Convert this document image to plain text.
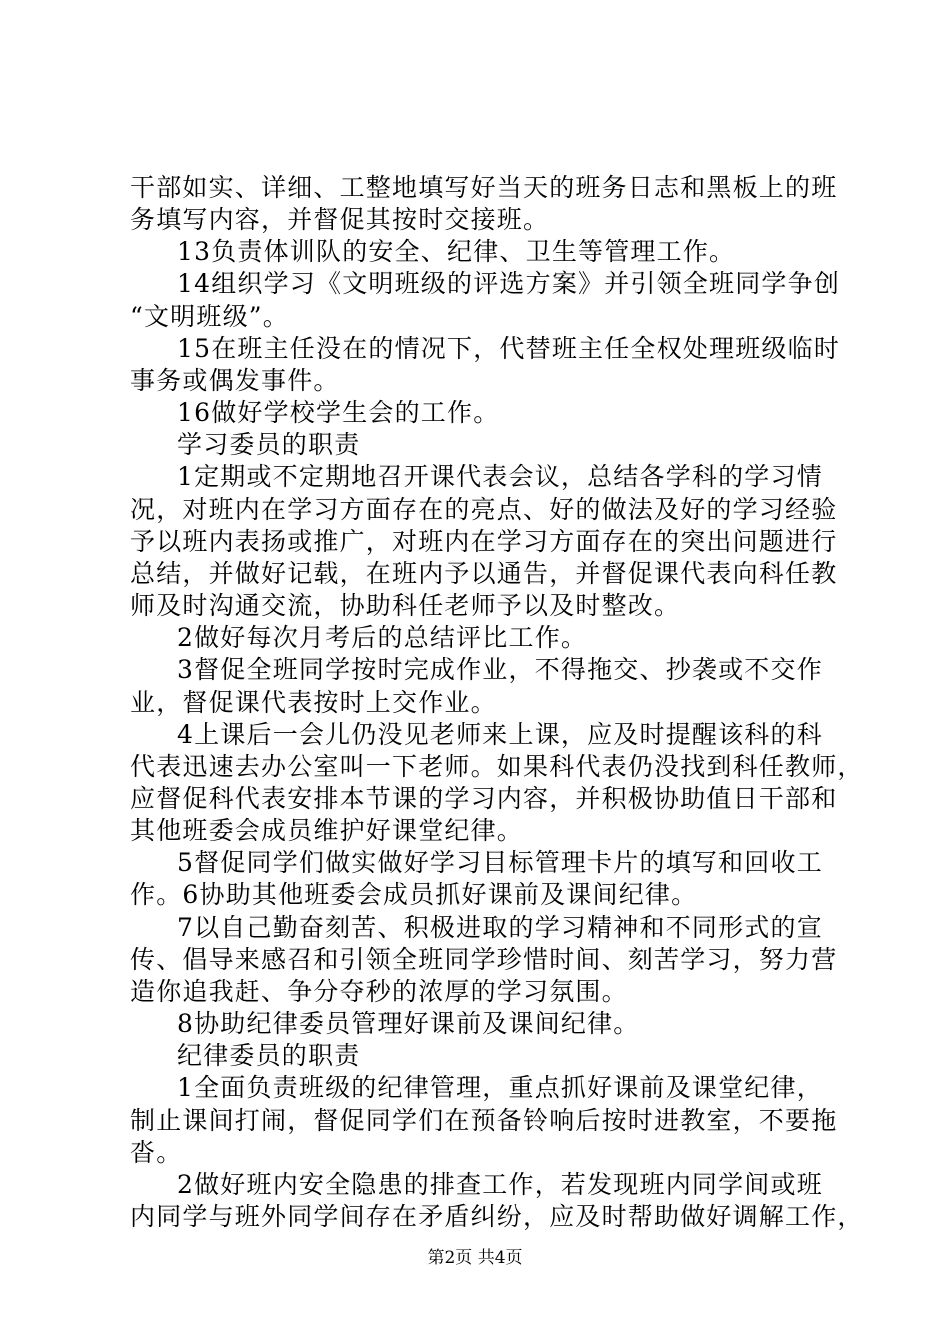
干部如实、详细、工整地填写好当天的班务日志和黑板上的班
务填写内容，并督促其按时交接班。
13负责体训队的安全、纪律、卫生等管理工作。
14组织学习《文明班级的评选方案》并引领全班同学争创
“文明班级”。
15在班主任没在的情况下，代替班主任全权处理班级临时
事务或偶发事件。
16做好学校学生会的工作。
学习委员的职责
1定期或不定期地召开课代表会议，总结各学科的学习情
况，对班内在学习方面存在的亮点、好的做法及好的学习经验
予以班内表扬或推广，对班内在学习方面存在的突出问题进行
总结，并做好记载，在班内予以通告，并督促课代表向科任教
师及时沟通交流，协助科任老师予以及时整改。
2做好每次月考后的总结评比工作。
3督促全班同学按时完成作业，不得拖交、抄袭或不交作
业，督促课代表按时上交作业。
4上课后一会儿仍没见老师来上课，应及时提醒该科的科
代表迅速去办公室叫一下老师。如果科代表仍没找到科任教师，
应督促科代表安排本节课的学习内容，并积极协助值日干部和
其他班委会成员维护好课堂纪律。
5督促同学们做实做好学习目标管理卡片的填写和回收工
作。6协助其他班委会成员抓好课前及课间纪律。
7以自己勤奋刻苦、积极进取的学习精神和不同形式的宣
传、倡导来感召和引领全班同学珍惜时间、刻苦学习，努力营
造你追我赶、争分夺秒的浓厚的学习氛围。
8协助纪律委员管理好课前及课间纪律。
纪律委员的职责
1全面负责班级的纪律管理，重点抓好课前及课堂纪律，
制止课间打闹，督促同学们在预备铃响后按时进教室，不要拖
沓。
2做好班内安全隐患的排查工作，若发现班内同学间或班
内同学与班外同学间存在矛盾纠纷，应及时帮助做好调解工作，
第2页 共4页
